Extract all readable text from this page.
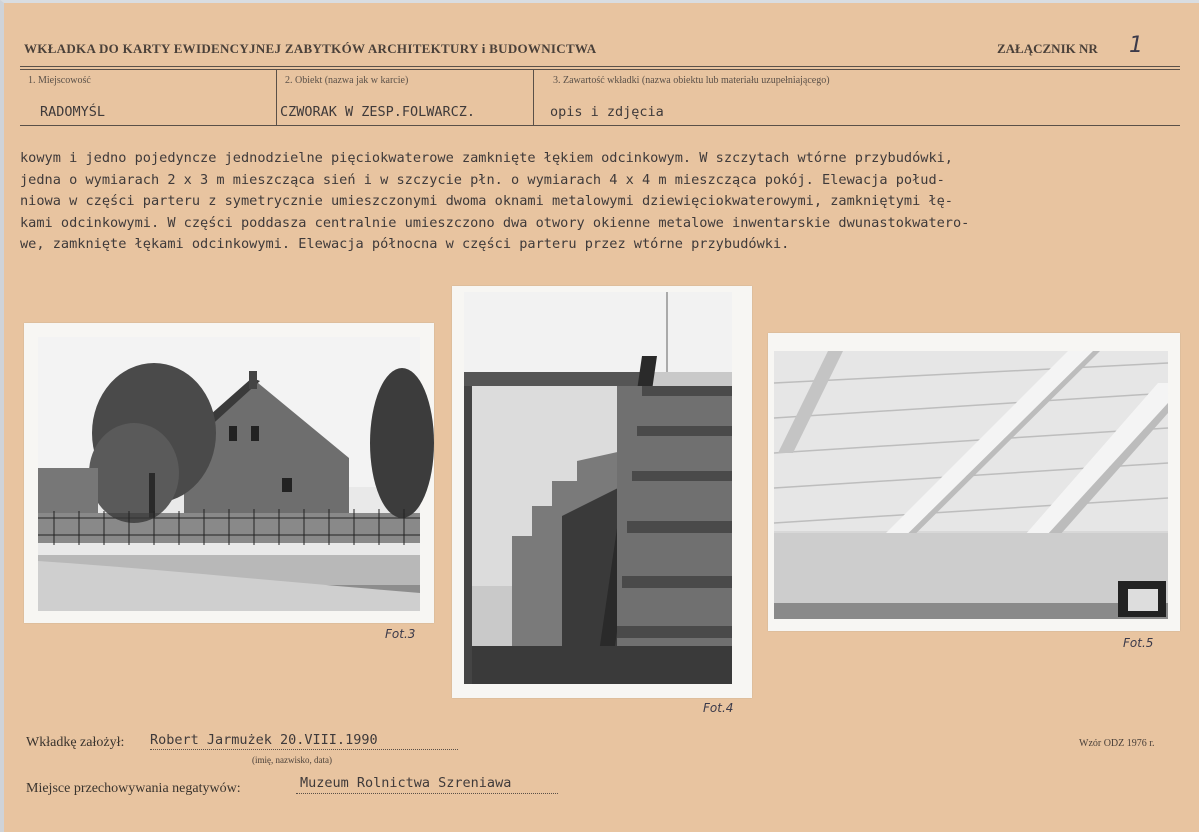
WKŁADKA DO KARTY EWIDENCYJNEJ ZABYTKÓW ARCHITEKTURY i BUDOWNICTWA	ZAŁĄCZNIK NR 1
1. Miejscowość
RADOMYŚL
2. Obiekt (nazwa jak w karcie)
CZWORAK W ZESP.FOLWARCZ.
3. Zawartość wkładki (nazwa obiektu lub materiału uzupełniającego)
opis i zdjęcia
kowym i jedno pojedyncze jednodzielne pięciokwaterowe zamknięte łękiem odcinkowym. W szczytach wtórne przybudówki,
jedna o wymiarach 2 x 3 m mieszcząca sień i w szczycie płn. o wymiarach 4 x 4 m mieszcząca pokój. Elewacja połud-
niowa w części parteru z symetrycznie umieszczonymi dwoma oknami metalowymi dziewięciokwaterowymi, zamkniętymi łę-
kami odcinkowymi. W części poddasza centralnie umieszczono dwa otwory okienne metalowe inwentarskie dwunastokwatero-
we, zamknięte łękami odcinkowymi. Elewacja północna w części parteru przez wtórne przybudówki.
Fot.3
Fot.4
Fot.5
Wkładkę założył: Robert Jarmużek 20.VIII.1990
(imię, nazwisko, data)
Wzór ODZ 1976 r.
Miejsce przechowywania negatywów:	Muzeum Rolnictwa Szreniawa
